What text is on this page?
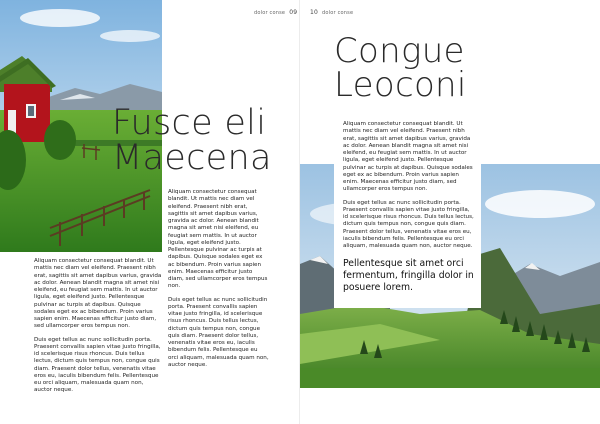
dolor conse 09
Fusce eli
Maecena

Aliquam consectetur consequat blandit. Ut mattis nec diam vel eleifend. Praesent nibh erat, sagittis sit amet dapibus varius, gravida ac dolor. Aenean blandit magna sit amet nisi eleifend, eu feugiat sem mattis. In ut auctor ligula, eget eleifend justo. Pellentesque pulvinar ac turpis at dapibus. Quisque sodales eget ex ac bibendum. Proin varius sapien enim. Maecenas efficitur justo diam, sed ullamcorper eros tempus non.

Duis eget tellus ac nunc sollicitudin porta. Praesent convallis sapien vitae justo fringilla, id scelerisque risus rhoncus. Duis tellus lectus, dictum quis tempus non, congue quis diam. Praesent dolor tellus, venenatis vitae eros eu, iaculis bibendum felis. Pellentesque eu orci aliquam, malesuada quam non, auctor neque.

Aliquam consectetur consequat blandit. Ut mattis nec diam vel eleifend. Praesent nibh erat, sagittis sit amet dapibus varius, gravida ac dolor. Aenean blandit magna sit amet nisi eleifend, eu feugiat sem mattis. In ut auctor ligula, eget eleifend justo. Pellentesque pulvinar ac turpis at dapibus. Quisque sodales eget ex ac bibendum. Proin varius sapien enim. Maecenas efficitur justo diam, sed ullamcorper eros tempus non.

Duis eget tellus ac nunc sollicitudin porta. Praesent convallis sapien vitae justo fringilla, id scelerisque risus rhoncus. Duis tellus lectus, dictum quis tempus non, congue quis diam. Praesent dolor tellus, venenatis vitae eros eu, iaculis bibendum felis. Pellentesque eu orci aliquam, malesuada quam non, auctor neque.

10 dolor conse
Congue
Leoconi

Aliquam consectetur consequat blandit. Ut mattis nec diam vel eleifend. Praesent nibh erat, sagittis sit amet dapibus varius, gravida ac dolor. Aenean blandit magna sit amet nisi eleifend, eu feugiat sem mattis. In ut auctor ligula, eget eleifend justo. Pellentesque pulvinar ac turpis at dapibus. Quisque sodales eget ex ac bibendum. Proin varius sapien enim. Maecenas efficitur justo diam, sed ullamcorper eros tempus non.

Duis eget tellus ac nunc sollicitudin porta. Praesent convallis sapien vitae justo fringilla, id scelerisque risus rhoncus. Duis tellus lectus, dictum quis tempus non, congue quis diam. Praesent dolor tellus, venenatis vitae eros eu, iaculis bibendum felis. Pellentesque eu orci aliquam, malesuada quam non, auctor neque.

Pellentesque sit amet orci fermentum, fringilla dolor in posuere lorem.
